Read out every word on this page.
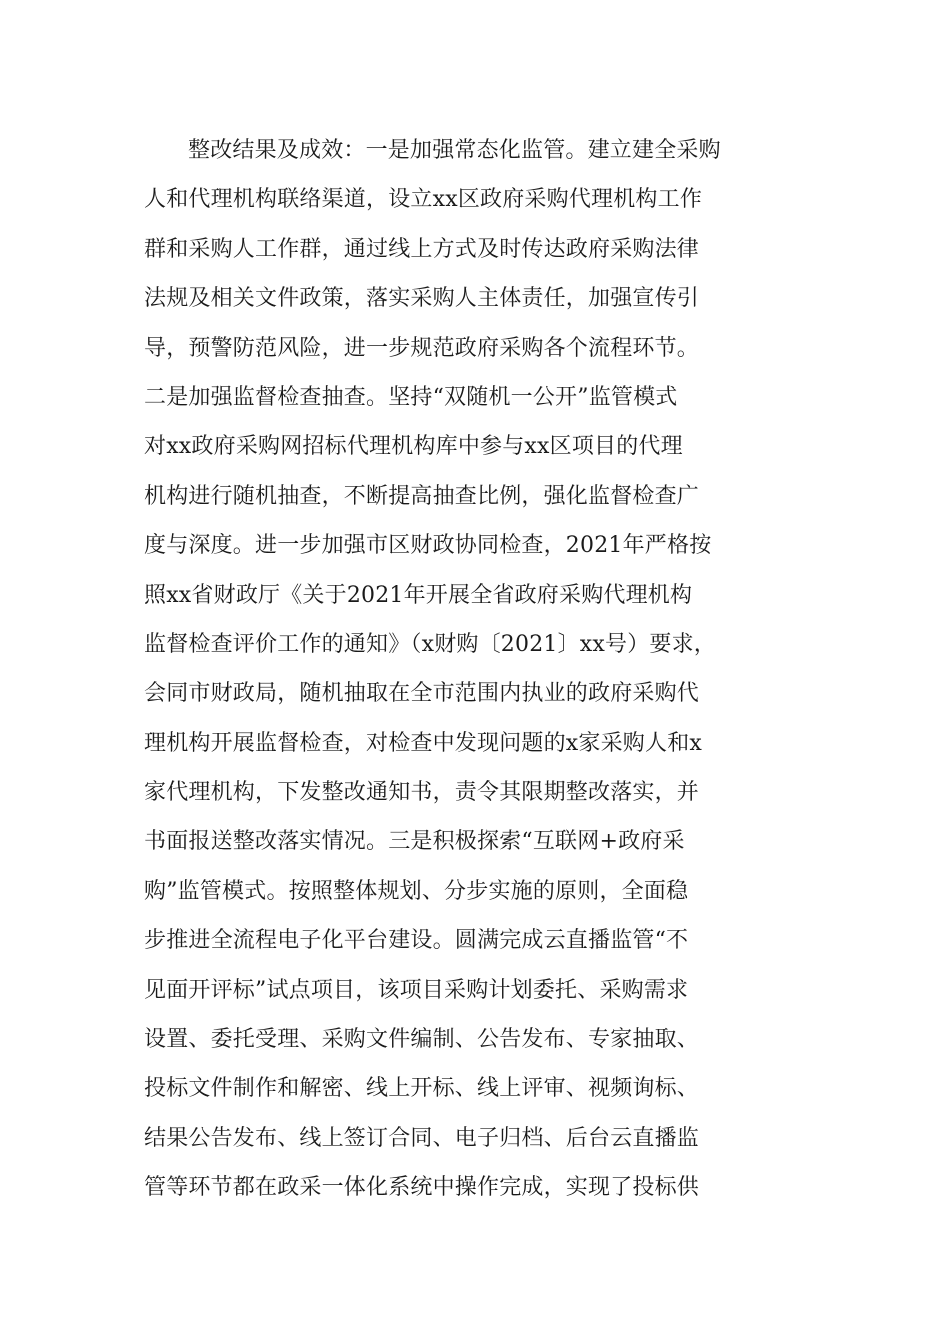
整改结果及成效：一是加强常态化监管。建立建全采购
人和代理机构联络渠道，设立xx区政府采购代理机构工作
群和采购人工作群，通过线上方式及时传达政府采购法律
法规及相关文件政策，落实采购人主体责任，加强宣传引
导，预警防范风险，进一步规范政府采购各个流程环节。
二是加强监督检查抽查。坚持“双随机一公开”监管模式
对xx政府采购网招标代理机构库中参与xx区项目的代理
机构进行随机抽查，不断提高抽查比例，强化监督检查广
度与深度。进一步加强市区财政协同检查，2021年严格按
照xx省财政厅《关于2021年开展全省政府采购代理机构
监督检查评价工作的通知》（x财购〔2021〕xx号）要求，
会同市财政局，随机抽取在全市范围内执业的政府采购代
理机构开展监督检查，对检查中发现问题的x家采购人和x
家代理机构，下发整改通知书，责令其限期整改落实，并
书面报送整改落实情况。三是积极探索“互联网+政府采
购”监管模式。按照整体规划、分步实施的原则，全面稳
步推进全流程电子化平台建设。圆满完成云直播监管“不
见面开评标”试点项目，该项目采购计划委托、采购需求
设置、委托受理、采购文件编制、公告发布、专家抽取、
投标文件制作和解密、线上开标、线上评审、视频询标、
结果公告发布、线上签订合同、电子归档、后台云直播监
管等环节都在政采一体化系统中操作完成，实现了投标供
